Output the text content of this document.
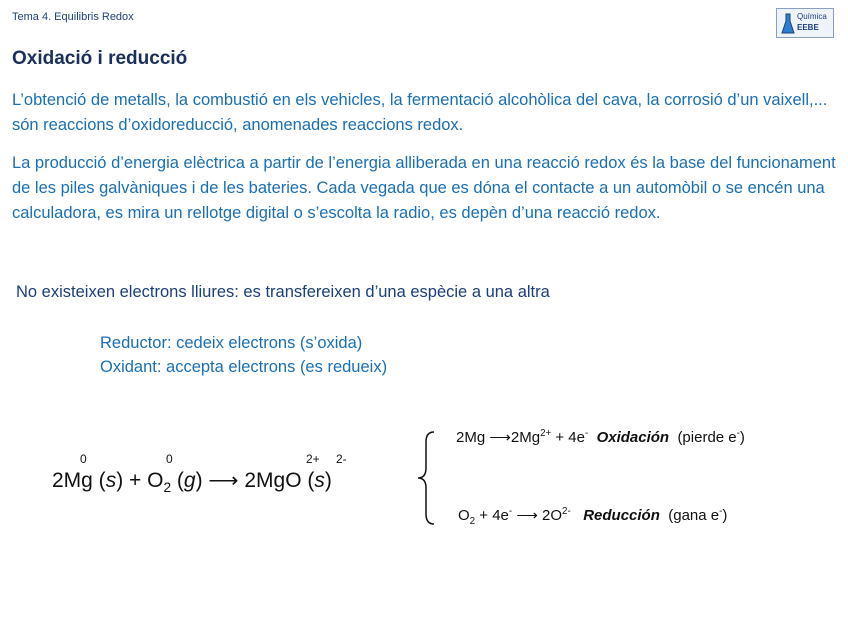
Tema 4. Equilibris Redox	Química
EEBE
Oxidació i reducció
L’obtenció de metalls, la combustió en els vehicles, la fermentació alcohòlica del cava, la corrosió d’un vaixell,... són reaccions d’oxidoreducció, anomenades reaccions redox.
La producció d’energia elèctrica a partir de l’energia alliberada en una reacció redox és la base del funcionament de les piles galvàniques i de les bateries. Cada vegada que es dóna el contacte a un automòbil o se encén una calculadora, es mira un rellotge digital o s’escolta la radio, es depèn d’una reacció redox.
No existeixen electrons lliures: es transfereixen d’una espècie a una altra
Reductor: cedeix electrons (s’oxida)
Oxidant: accepta electrons (es redueix)
0	0	2+ 2-
2Mg $(s) + O_2$ (g) ⟶ 2MgO (s)
2Mg $⟶2Mg^{2+} + 4e^-$ Oxidación (pierde e-)
$O_2 + 4e^-$ ⟶ $2O^{2-}$ Reducción (gana e-)
